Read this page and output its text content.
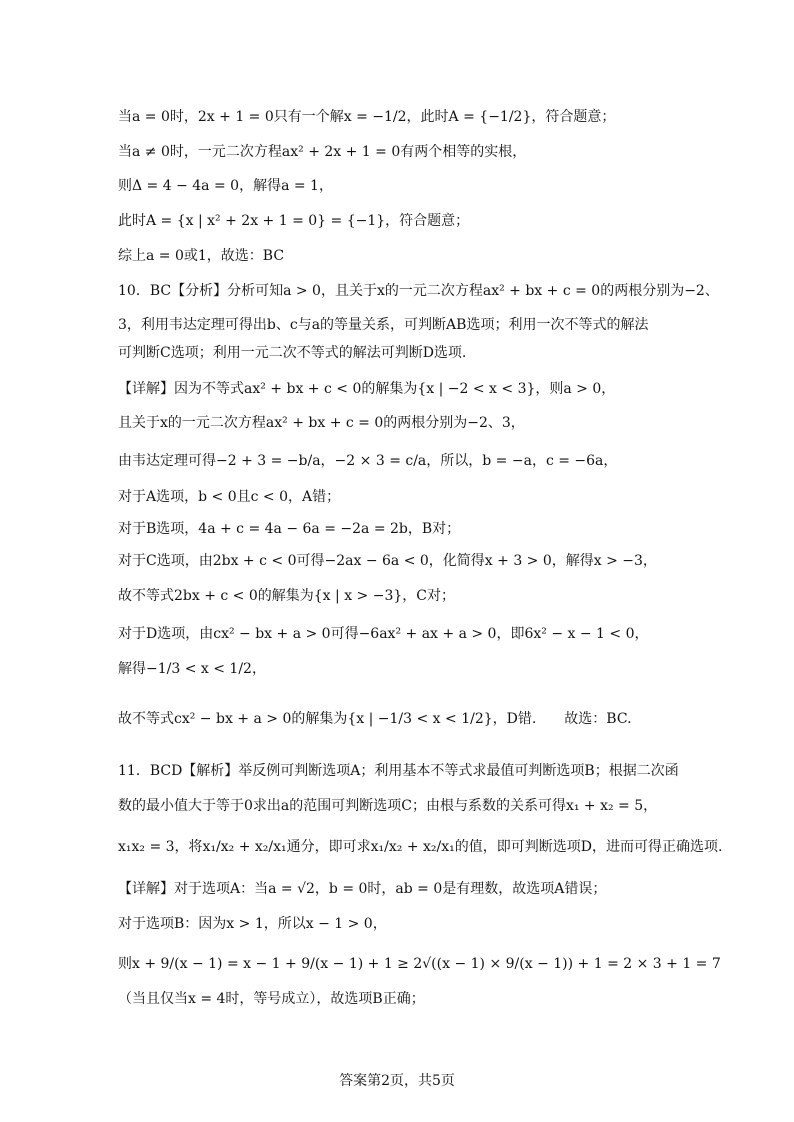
当a = 0时，2x + 1 = 0只有一个解x = −1/2，此时A = {−1/2}，符合题意；
当a ≠ 0时，一元二次方程ax² + 2x + 1 = 0有两个相等的实根，
则Δ = 4 − 4a = 0，解得a = 1，
此时A = {x | x² + 2x + 1 = 0} = {−1}，符合题意；
综上a = 0或1，故选：BC
10．BC【分析】分析可知a > 0，且关于x的一元二次方程ax² + bx + c = 0的两根分别为−2、
3，利用韦达定理可得出b、c与a的等量关系，可判断AB选项；利用一次不等式的解法
可判断C选项；利用一元二次不等式的解法可判断D选项.
【详解】因为不等式ax² + bx + c < 0的解集为{x | −2 < x < 3}，则a > 0，
且关于x的一元二次方程ax² + bx + c = 0的两根分别为−2、3，
由韦达定理可得−2 + 3 = −b/a，−2 × 3 = c/a，所以，b = −a，c = −6a，
对于A选项，b < 0且c < 0，A错；
对于B选项，4a + c = 4a − 6a = −2a = 2b，B对；
对于C选项，由2bx + c < 0可得−2ax − 6a < 0，化简得x + 3 > 0，解得x > −3，
故不等式2bx + c < 0的解集为{x | x > −3}，C对；
对于D选项，由cx² − bx + a > 0可得−6ax² + ax + a > 0，即6x² − x − 1 < 0，
解得−1/3 < x < 1/2，
故不等式cx² − bx + a > 0的解集为{x | −1/3 < x < 1/2}，D错.　　故选：BC.
11．BCD【解析】举反例可判断选项A；利用基本不等式求最值可判断选项B；根据二次函
数的最小值大于等于0求出a的范围可判断选项C；由根与系数的关系可得x₁ + x₂ = 5，
x₁x₂ = 3，将x₁/x₂ + x₂/x₁通分，即可求x₁/x₂ + x₂/x₁的值，即可判断选项D，进而可得正确选项.
【详解】对于选项A：当a = √2，b = 0时，ab = 0是有理数，故选项A错误；
对于选项B：因为x > 1，所以x − 1 > 0，
则x + 9/(x − 1) = x − 1 + 9/(x − 1) + 1 ≥ 2√((x − 1) × 9/(x − 1)) + 1 = 2 × 3 + 1 = 7
（当且仅当x = 4时，等号成立），故选项B正确；
答案第2页，共5页
